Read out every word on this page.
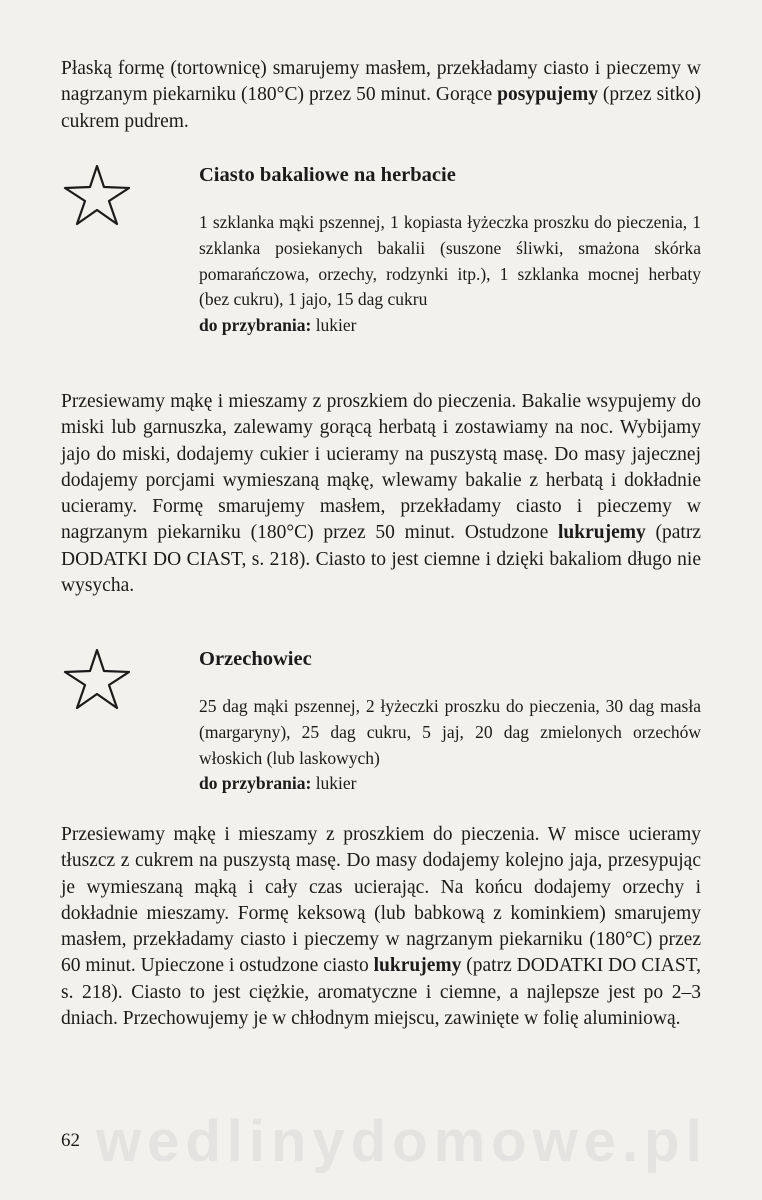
Płaską formę (tortownicę) smarujemy masłem, przekładamy ciasto i pieczemy w nagrzanym piekarniku (180°C) przez 50 minut. Gorące posypujemy (przez sitko) cukrem pudrem.

Ciasto bakaliowe na herbacie
1 szklanka mąki pszennej, 1 kopiasta łyżeczka proszku do pieczenia, 1 szklanka posiekanych bakalii (suszone śliwki, smażona skórka pomarańczowa, orzechy, rodzynki itp.), 1 szklanka mocnej herbaty (bez cukru), 1 jajo, 15 dag cukru
do przybrania: lukier

Przesiewamy mąkę i mieszamy z proszkiem do pieczenia. Bakalie wsypujemy do miski lub garnuszka, zalewamy gorącą herbatą i zostawiamy na noc. Wybijamy jajo do miski, dodajemy cukier i ucieramy na puszystą masę. Do masy jajecznej dodajemy porcjami wymieszaną mąkę, wlewamy bakalie z herbatą i dokładnie ucieramy. Formę smarujemy masłem, przekładamy ciasto i pieczemy w nagrzanym piekarniku (180°C) przez 50 minut. Ostudzone lukrujemy (patrz DODATKI DO CIAST, s. 218). Ciasto to jest ciemne i dzięki bakaliom długo nie wysycha.

Orzechowiec
25 dag mąki pszennej, 2 łyżeczki proszku do pieczenia, 30 dag masła (margaryny), 25 dag cukru, 5 jaj, 20 dag zmielonych orzechów włoskich (lub laskowych)
do przybrania: lukier

Przesiewamy mąkę i mieszamy z proszkiem do pieczenia. W misce ucieramy tłuszcz z cukrem na puszystą masę. Do masy dodajemy kolejno jaja, przesypując je wymieszaną mąką i cały czas ucierając. Na końcu dodajemy orzechy i dokładnie mieszamy. Formę keksową (lub babkową z kominkiem) smarujemy masłem, przekładamy ciasto i pieczemy w nagrzanym piekarniku (180°C) przez 60 minut. Upieczone i ostudzone ciasto lukrujemy (patrz DODATKI DO CIAST, s. 218). Ciasto to jest ciężkie, aromatyczne i ciemne, a najlepsze jest po 2–3 dniach. Przechowujemy je w chłodnym miejscu, zawinięte w folię aluminiową.

wedlinydomowe.pl

62
